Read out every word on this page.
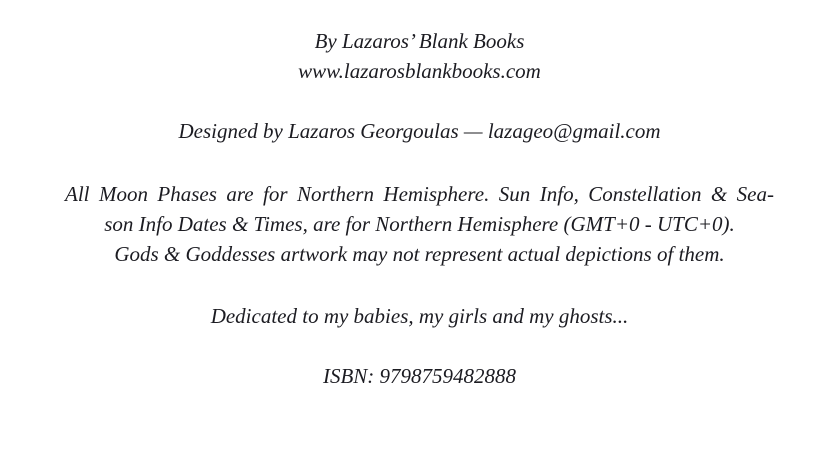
By Lazaros’ Blank Books
www.lazarosblankbooks.com
Designed by Lazaros Georgoulas — lazageo@gmail.com
All Moon Phases are for Northern Hemisphere. Sun Info, Constellation & Sea-
son Info Dates & Times, are for Northern Hemisphere (GMT+0 - UTC+0).
Gods & Goddesses artwork may not represent actual depictions of them.
Dedicated to my babies, my girls and my ghosts...
ISBN: 9798759482888
